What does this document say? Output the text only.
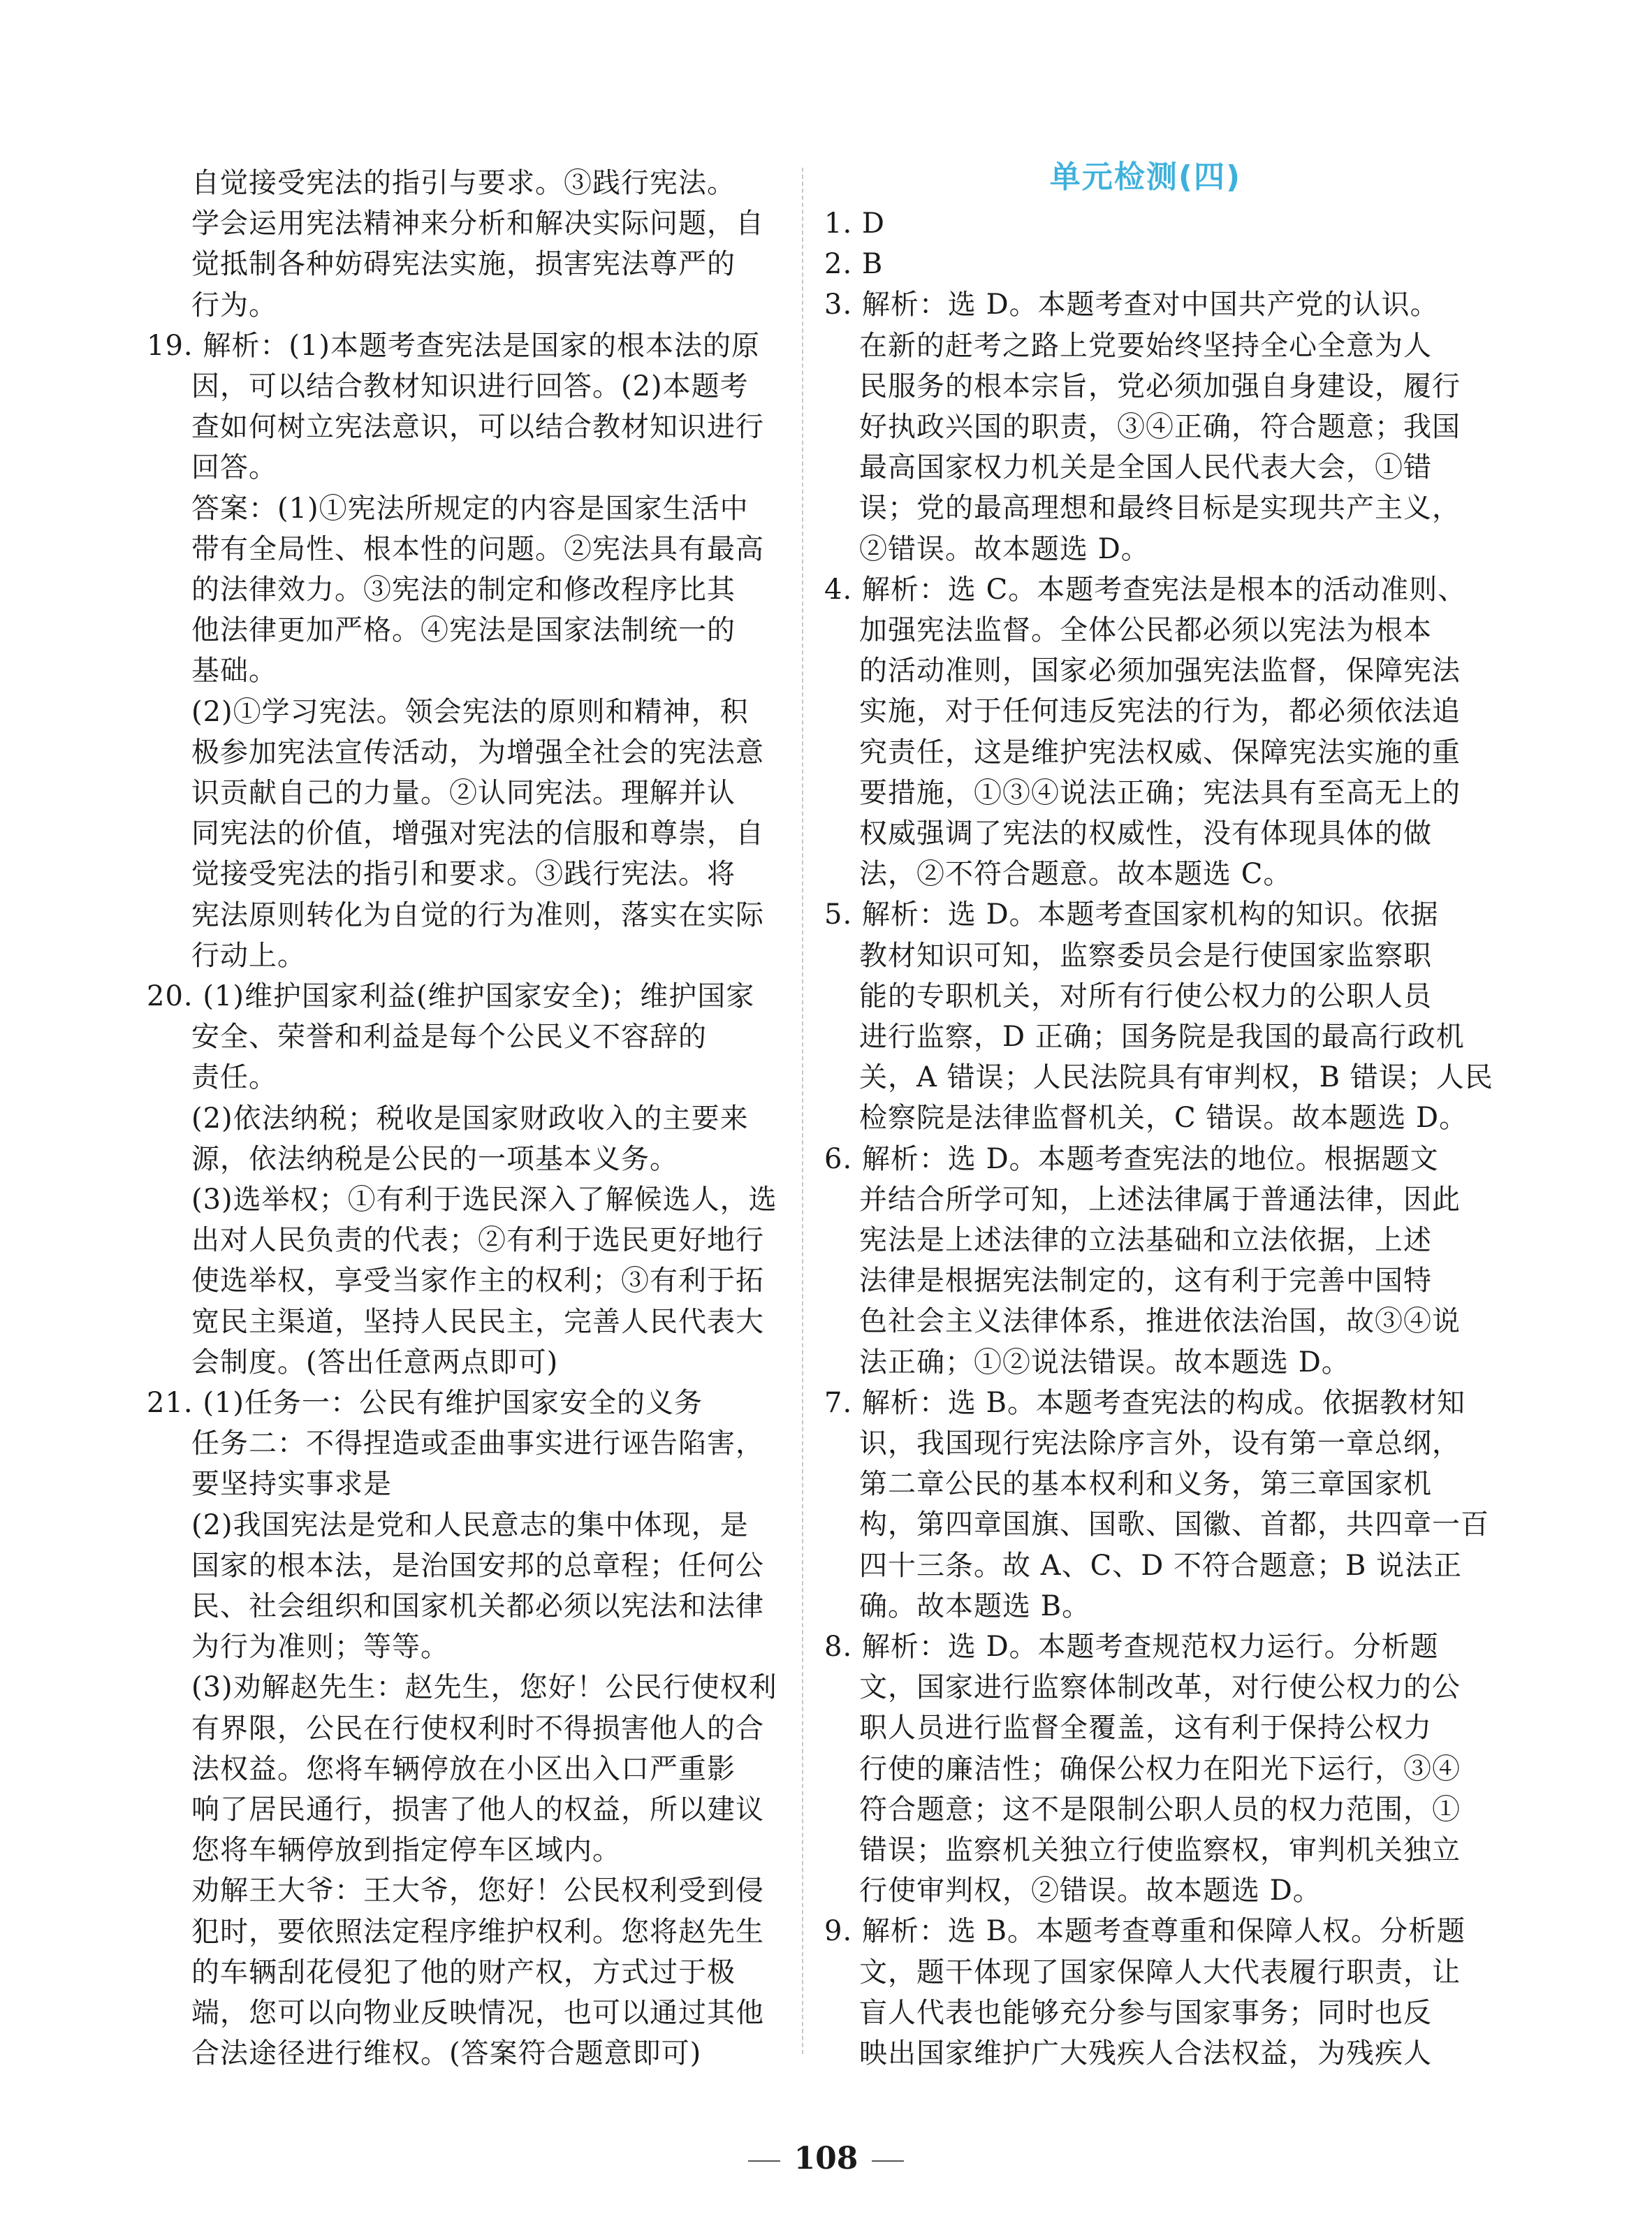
自觉接受宪法的指引与要求。③践行宪法。
学会运用宪法精神来分析和解决实际问题，自
觉抵制各种妨碍宪法实施，损害宪法尊严的
行为。
19. 解析：(1)本题考查宪法是国家的根本法的原
因，可以结合教材知识进行回答。(2)本题考
查如何树立宪法意识，可以结合教材知识进行
回答。
答案：(1)①宪法所规定的内容是国家生活中
带有全局性、根本性的问题。②宪法具有最高
的法律效力。③宪法的制定和修改程序比其
他法律更加严格。④宪法是国家法制统一的
基础。
(2)①学习宪法。领会宪法的原则和精神，积
极参加宪法宣传活动，为增强全社会的宪法意
识贡献自己的力量。②认同宪法。理解并认
同宪法的价值，增强对宪法的信服和尊崇，自
觉接受宪法的指引和要求。③践行宪法。将
宪法原则转化为自觉的行为准则，落实在实际
行动上。
20. (1)维护国家利益(维护国家安全)；维护国家
安全、荣誉和利益是每个公民义不容辞的
责任。
(2)依法纳税；税收是国家财政收入的主要来
源，依法纳税是公民的一项基本义务。
(3)选举权；①有利于选民深入了解候选人，选
出对人民负责的代表；②有利于选民更好地行
使选举权，享受当家作主的权利；③有利于拓
宽民主渠道，坚持人民民主，完善人民代表大
会制度。(答出任意两点即可)
21. (1)任务一：公民有维护国家安全的义务
任务二：不得捏造或歪曲事实进行诬告陷害，
要坚持实事求是
(2)我国宪法是党和人民意志的集中体现，是
国家的根本法，是治国安邦的总章程；任何公
民、社会组织和国家机关都必须以宪法和法律
为行为准则；等等。
(3)劝解赵先生：赵先生，您好！公民行使权利
有界限，公民在行使权利时不得损害他人的合
法权益。您将车辆停放在小区出入口严重影
响了居民通行，损害了他人的权益，所以建议
您将车辆停放到指定停车区域内。
劝解王大爷：王大爷，您好！公民权利受到侵
犯时，要依照法定程序维护权利。您将赵先生
的车辆刮花侵犯了他的财产权，方式过于极
端，您可以向物业反映情况，也可以通过其他
合法途径进行维权。(答案符合题意即可)
单元检测(四)
1. D
2. B
3. 解析：选 D。本题考查对中国共产党的认识。
在新的赶考之路上党要始终坚持全心全意为人
民服务的根本宗旨，党必须加强自身建设，履行
好执政兴国的职责，③④正确，符合题意；我国
最高国家权力机关是全国人民代表大会，①错
误；党的最高理想和最终目标是实现共产主义，
②错误。故本题选 D。
4. 解析：选 C。本题考查宪法是根本的活动准则、
加强宪法监督。全体公民都必须以宪法为根本
的活动准则，国家必须加强宪法监督，保障宪法
实施，对于任何违反宪法的行为，都必须依法追
究责任，这是维护宪法权威、保障宪法实施的重
要措施，①③④说法正确；宪法具有至高无上的
权威强调了宪法的权威性，没有体现具体的做
法，②不符合题意。故本题选 C。
5. 解析：选 D。本题考查国家机构的知识。依据
教材知识可知，监察委员会是行使国家监察职
能的专职机关，对所有行使公权力的公职人员
进行监察，D 正确；国务院是我国的最高行政机
关，A 错误；人民法院具有审判权，B 错误；人民
检察院是法律监督机关，C 错误。故本题选 D。
6. 解析：选 D。本题考查宪法的地位。根据题文
并结合所学可知，上述法律属于普通法律，因此
宪法是上述法律的立法基础和立法依据，上述
法律是根据宪法制定的，这有利于完善中国特
色社会主义法律体系，推进依法治国，故③④说
法正确；①②说法错误。故本题选 D。
7. 解析：选 B。本题考查宪法的构成。依据教材知
识，我国现行宪法除序言外，设有第一章总纲，
第二章公民的基本权利和义务，第三章国家机
构，第四章国旗、国歌、国徽、首都，共四章一百
四十三条。故 A、C、D 不符合题意；B 说法正
确。故本题选 B。
8. 解析：选 D。本题考查规范权力运行。分析题
文，国家进行监察体制改革，对行使公权力的公
职人员进行监督全覆盖，这有利于保持公权力
行使的廉洁性；确保公权力在阳光下运行，③④
符合题意；这不是限制公职人员的权力范围，①
错误；监察机关独立行使监察权，审判机关独立
行使审判权，②错误。故本题选 D。
9. 解析：选 B。本题考查尊重和保障人权。分析题
文，题干体现了国家保障人大代表履行职责，让
盲人代表也能够充分参与国家事务；同时也反
映出国家维护广大残疾人合法权益，为残疾人
108
